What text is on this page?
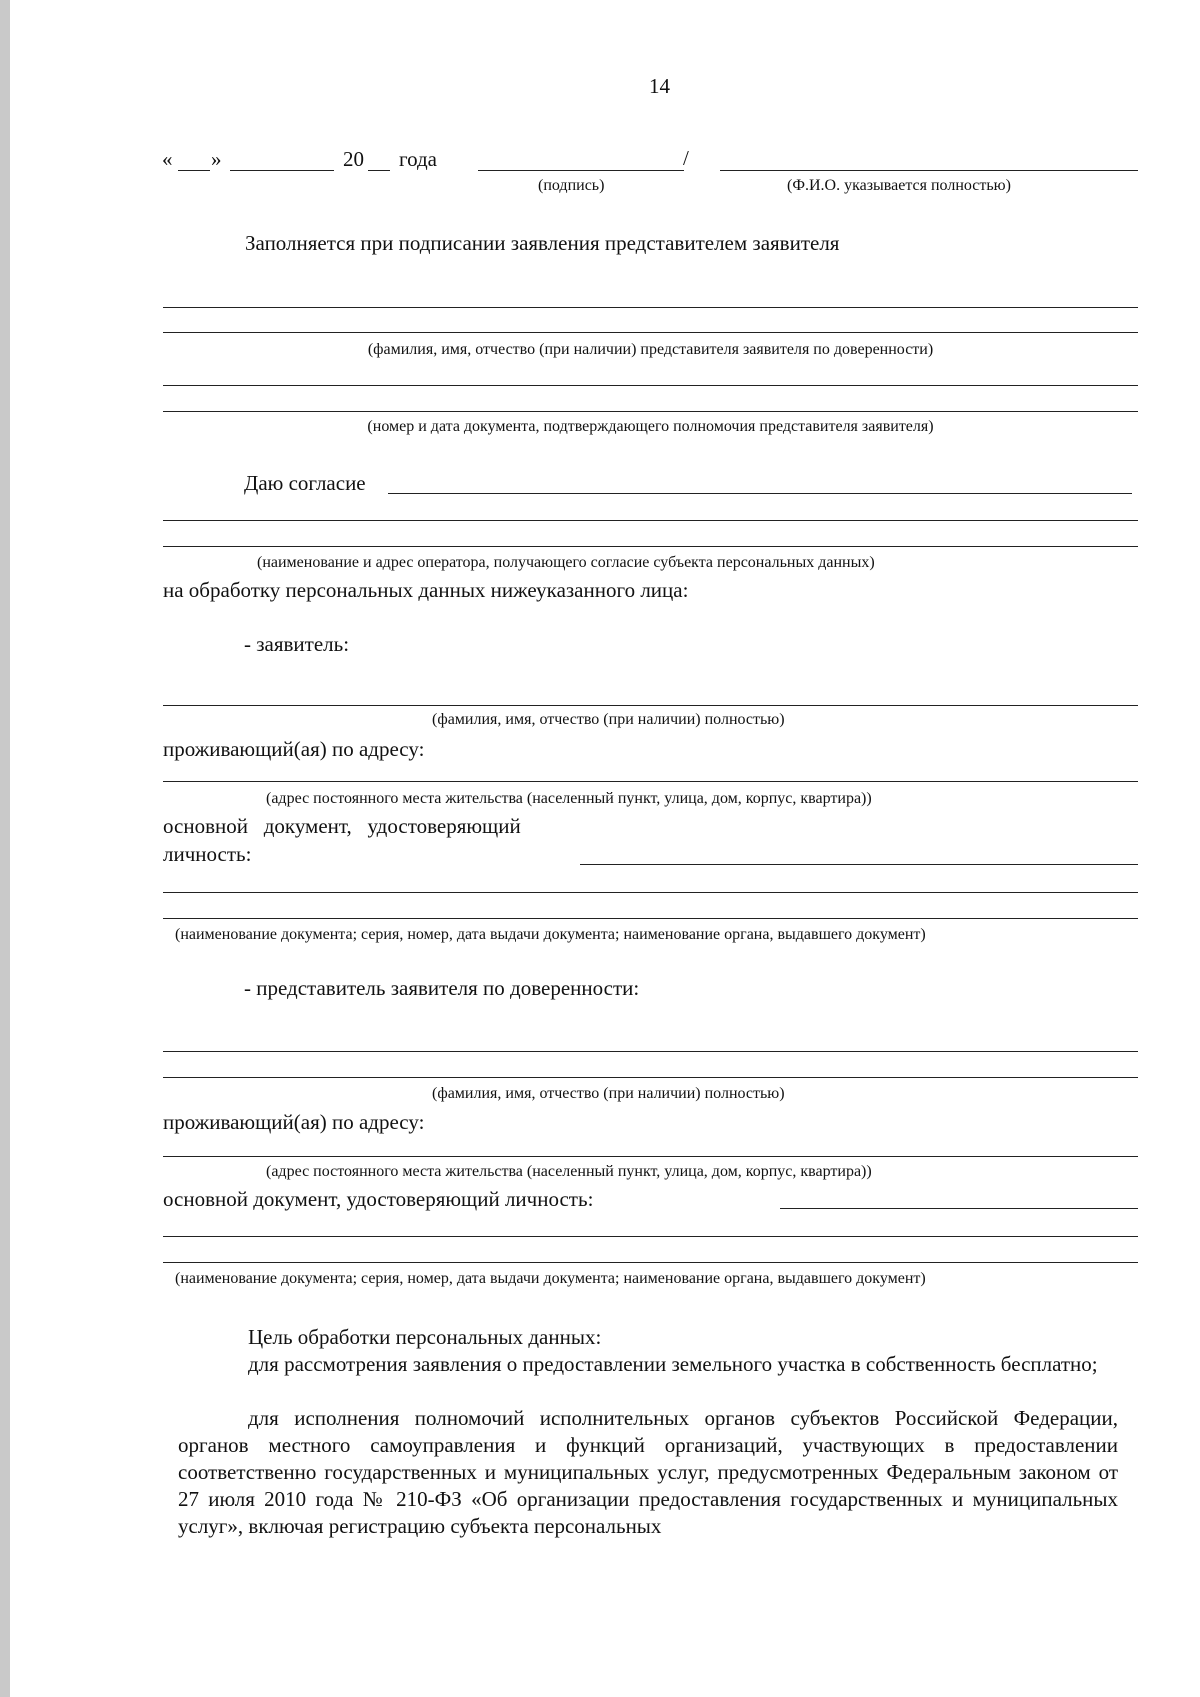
14
« »	20 года	/
(подпись)	(Ф.И.О. указывается полностью)
Заполняется при подписании заявления представителем заявителя
(фамилия, имя, отчество (при наличии) представителя заявителя по доверенности)
(номер и дата документа, подтверждающего полномочия представителя заявителя)
Даю согласие
(наименование и адрес оператора, получающего согласие субъекта персональных данных)
на обработку персональных данных нижеуказанного лица:
- заявитель:
(фамилия, имя, отчество (при наличии) полностью)
проживающий(ая) по адресу:
(адрес постоянного места жительства (населенный пункт, улица, дом, корпус, квартира))
основной   документ,   удостоверяющий
личность:
(наименование документа; серия, номер, дата выдачи документа; наименование органа, выдавшего документ)
- представитель заявителя по доверенности:
(фамилия, имя, отчество (при наличии) полностью)
проживающий(ая) по адресу:
(адрес постоянного места жительства (населенный пункт, улица, дом, корпус, квартира))
основной документ, удостоверяющий личность:
(наименование документа; серия, номер, дата выдачи документа; наименование органа, выдавшего документ)
Цель обработки персональных данных:
для рассмотрения заявления о предоставлении земельного участка в собственность бесплатно;
для исполнения полномочий исполнительных органов субъектов Российской Федерации, органов местного самоуправления и функций организаций, участвующих в предоставлении соответственно государственных и муниципальных услуг, предусмотренных Федеральным законом от 27 июля 2010 года № 210-ФЗ «Об организации предоставления государственных и муниципальных услуг», включая регистрацию субъекта персональных
